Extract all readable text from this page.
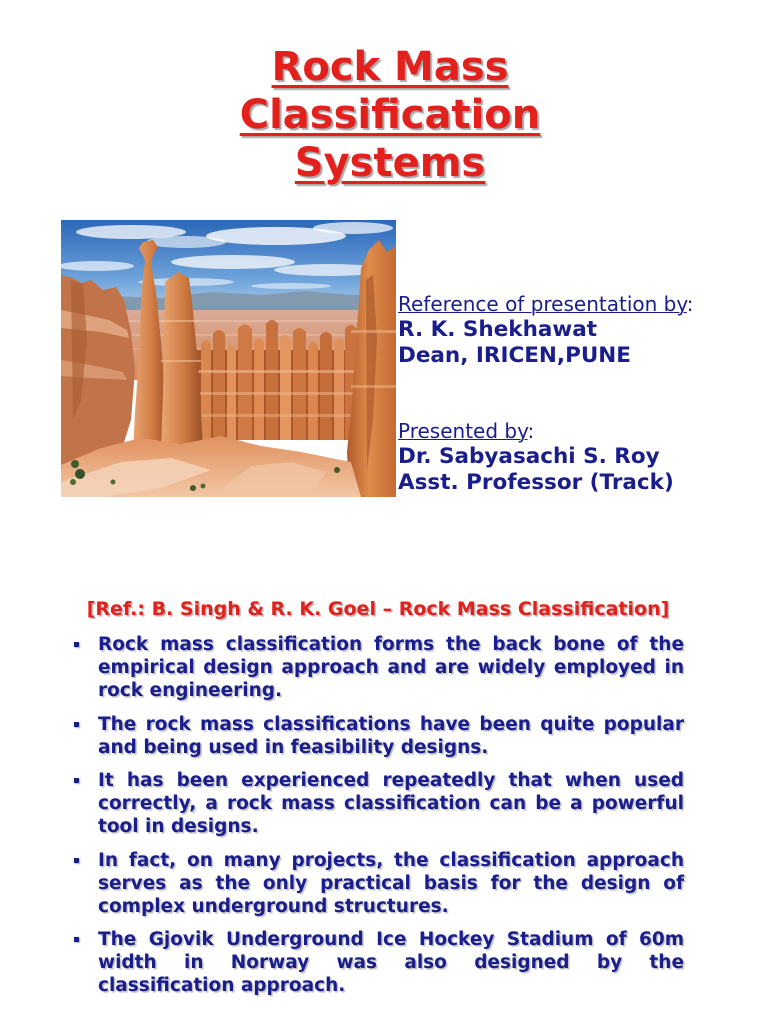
Rock Mass
Classification
Systems
Reference of presentation by:
R. K. Shekhawat
Dean, IRICEN,PUNE
Presented by:
Dr. Sabyasachi S. Roy
Asst. Professor (Track)
[Ref.: B. Singh & R. K. Goel – Rock Mass Classification]
Rock mass classification forms the back bone of the
empirical design approach and are widely employed in
rock engineering.
The rock mass classifications have been quite popular
and being used in feasibility designs.
It has been experienced repeatedly that when used
correctly, a rock mass classification can be a powerful
tool in designs.
In fact, on many projects, the classification approach
serves as the only practical basis for the design of
complex underground structures.
The Gjovik Underground Ice Hockey Stadium of 60m
width in Norway was also designed by the
classification approach.
